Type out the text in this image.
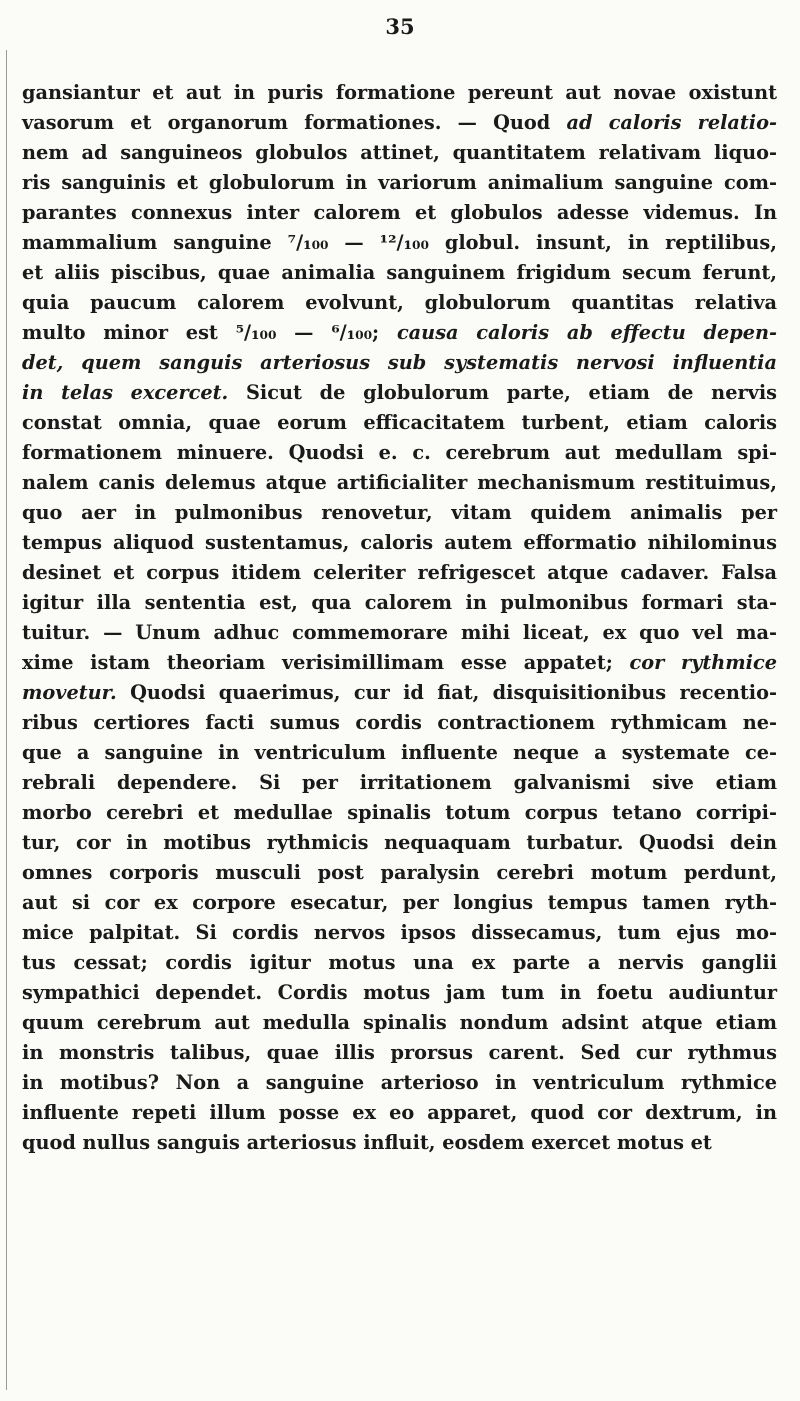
35
gansiantur et aut in puris formatione pereunt aut novae oxistunt
vasorum et organorum formationes. — Quod ad caloris relatio-
nem ad sanguineos globulos attinet, quantitatem relativam liquo-
ris sanguinis et globulorum in variorum animalium sanguine com-
parantes connexus inter calorem et globulos adesse videmus. In
mammalium sanguine ⁷/₁₀₀ — ¹²/₁₀₀ globul. insunt, in reptilibus,
et aliis piscibus, quae animalia sanguinem frigidum secum ferunt,
quia paucum calorem evolvunt, globulorum quantitas relativa
multo minor est ⁵/₁₀₀ — ⁶/₁₀₀; causa caloris ab effectu depen-
det, quem sanguis arteriosus sub systematis nervosi influentia
in telas excercet. Sicut de globulorum parte, etiam de nervis
constat omnia, quae eorum efficacitatem turbent, etiam caloris
formationem minuere. Quodsi e. c. cerebrum aut medullam spi-
nalem canis delemus atque artificialiter mechanismum restituimus,
quo aer in pulmonibus renovetur, vitam quidem animalis per
tempus aliquod sustentamus, caloris autem efformatio nihilominus
desinet et corpus itidem celeriter refrigescet atque cadaver. Falsa
igitur illa sententia est, qua calorem in pulmonibus formari sta-
tuitur. — Unum adhuc commemorare mihi liceat, ex quo vel ma-
xime istam theoriam verisimillimam esse appatet; cor rythmice
movetur. Quodsi quaerimus, cur id fiat, disquisitionibus recentio-
ribus certiores facti sumus cordis contractionem rythmicam ne-
que a sanguine in ventriculum influente neque a systemate ce-
rebrali dependere. Si per irritationem galvanismi sive etiam
morbo cerebri et medullae spinalis totum corpus tetano corripi-
tur, cor in motibus rythmicis nequaquam turbatur. Quodsi dein
omnes corporis musculi post paralysin cerebri motum perdunt,
aut si cor ex corpore esecatur, per longius tempus tamen ryth-
mice palpitat. Si cordis nervos ipsos dissecamus, tum ejus mo-
tus cessat; cordis igitur motus una ex parte a nervis ganglii
sympathici dependet. Cordis motus jam tum in foetu audiuntur
quum cerebrum aut medulla spinalis nondum adsint atque etiam
in monstris talibus, quae illis prorsus carent. Sed cur rythmus
in motibus? Non a sanguine arterioso in ventriculum rythmice
influente repeti illum posse ex eo apparet, quod cor dextrum, in
quod nullus sanguis arteriosus influit, eosdem exercet motus et
